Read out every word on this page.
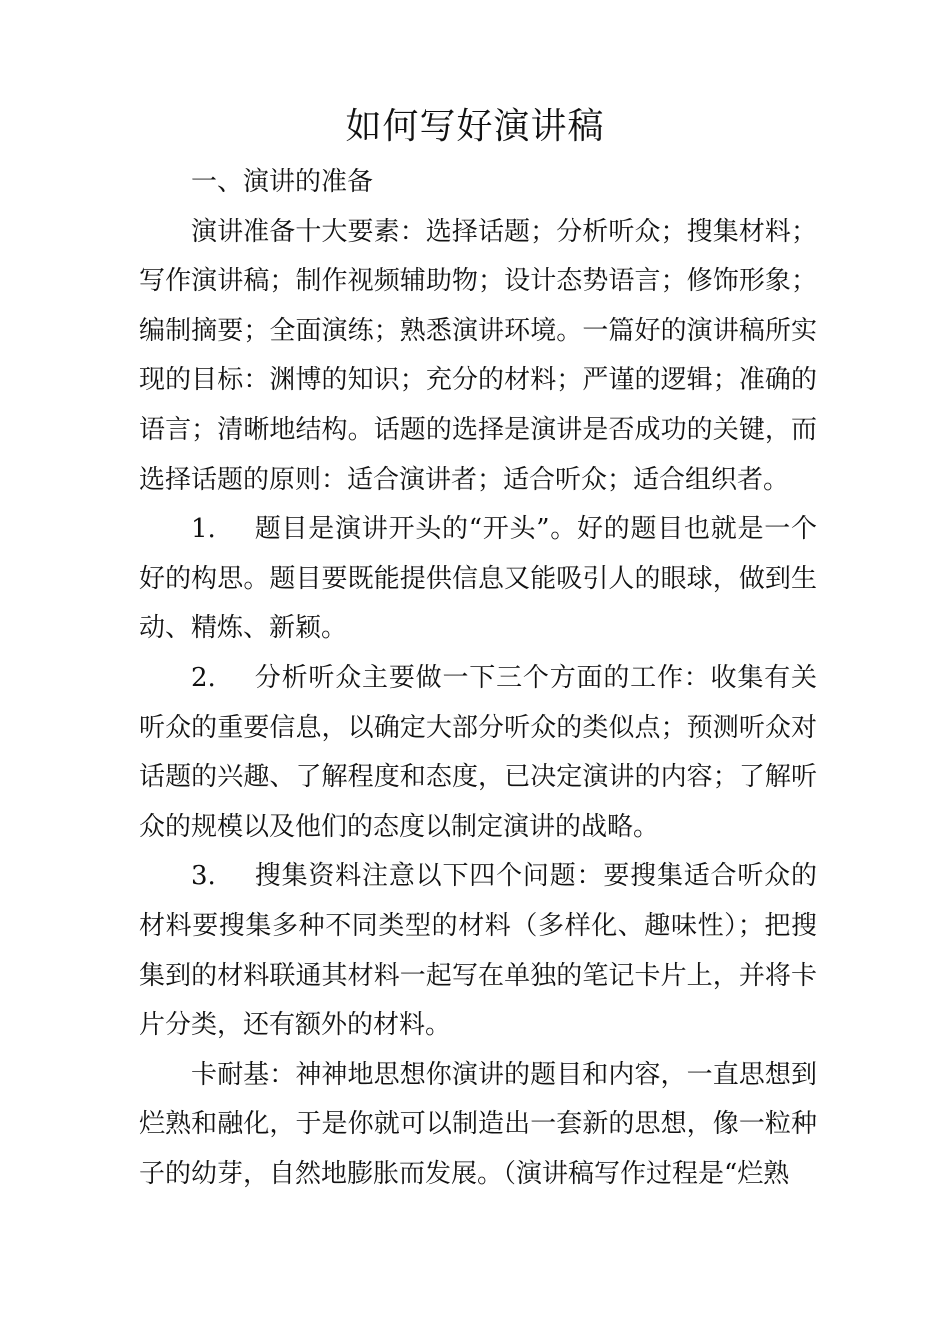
如何写好演讲稿

一、演讲的准备

演讲准备十大要素：选择话题；分析听众；搜集材料；写作演讲稿；制作视频辅助物；设计态势语言；修饰形象；编制摘要；全面演练；熟悉演讲环境。一篇好的演讲稿所实现的目标：渊博的知识；充分的材料；严谨的逻辑；准确的语言；清晰地结构。话题的选择是演讲是否成功的关键，而选择话题的原则：适合演讲者；适合听众；适合组织者。

1. 题目是演讲开头的“开头”。好的题目也就是一个好的构思。题目要既能提供信息又能吸引人的眼球，做到生动、精炼、新颖。

2. 分析听众主要做一下三个方面的工作：收集有关听众的重要信息，以确定大部分听众的类似点；预测听众对话题的兴趣、了解程度和态度，已决定演讲的内容；了解听众的规模以及他们的态度以制定演讲的战略。

3. 搜集资料注意以下四个问题：要搜集适合听众的材料要搜集多种不同类型的材料（多样化、趣味性）；把搜集到的材料联通其材料一起写在单独的笔记卡片上，并将卡片分类，还有额外的材料。

卡耐基：神神地思想你演讲的题目和内容，一直思想到烂熟和融化，于是你就可以制造出一套新的思想，像一粒种子的幼芽，自然地膨胀而发展。（演讲稿写作过程是“烂熟
